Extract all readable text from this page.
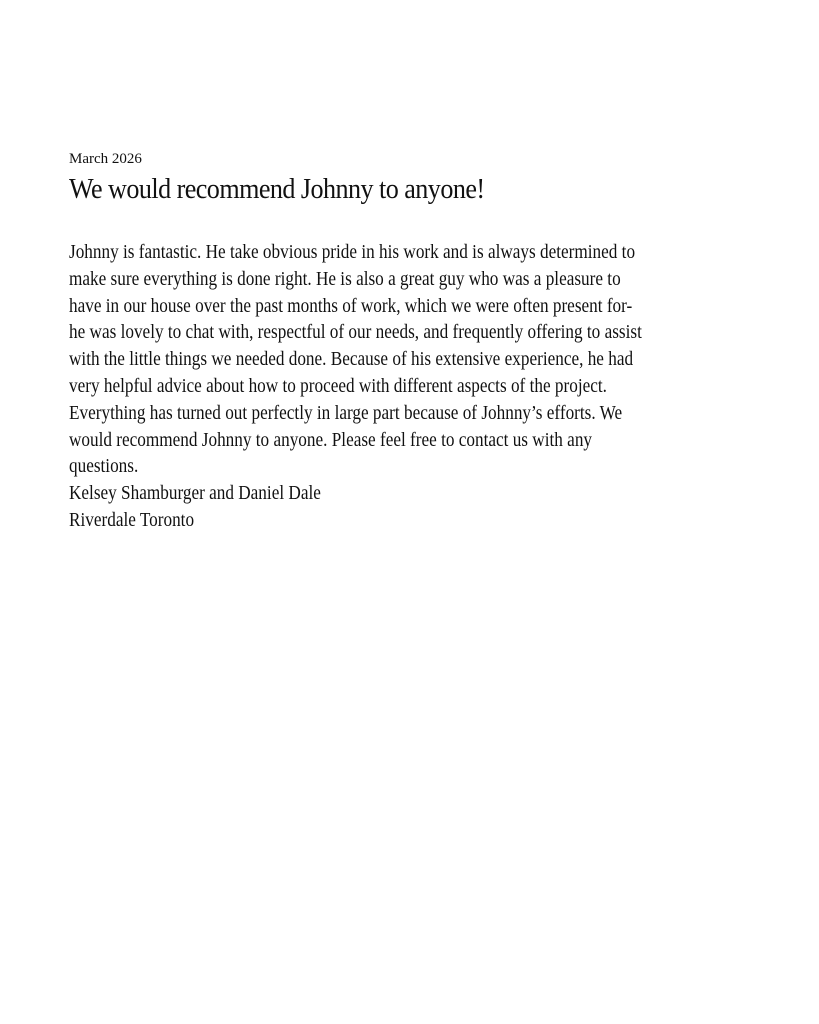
March 2026

We would recommend Johnny to anyone!
Johnny is fantastic. He take obvious pride in his work and is always determined to
make sure everything is done right. He is also a great guy who was a pleasure to
have in our house over the past months of work, which we were often present for-
he was lovely to chat with, respectful of our needs, and frequently offering to assist
with the little things we needed done. Because of his extensive experience, he had
very helpful advice about how to proceed with different aspects of the project.
Everything has turned out perfectly in large part because of Johnny’s efforts. We
would recommend Johnny to anyone. Please feel free to contact us with any
questions.
Kelsey Shamburger and Daniel Dale
Riverdale Toronto
